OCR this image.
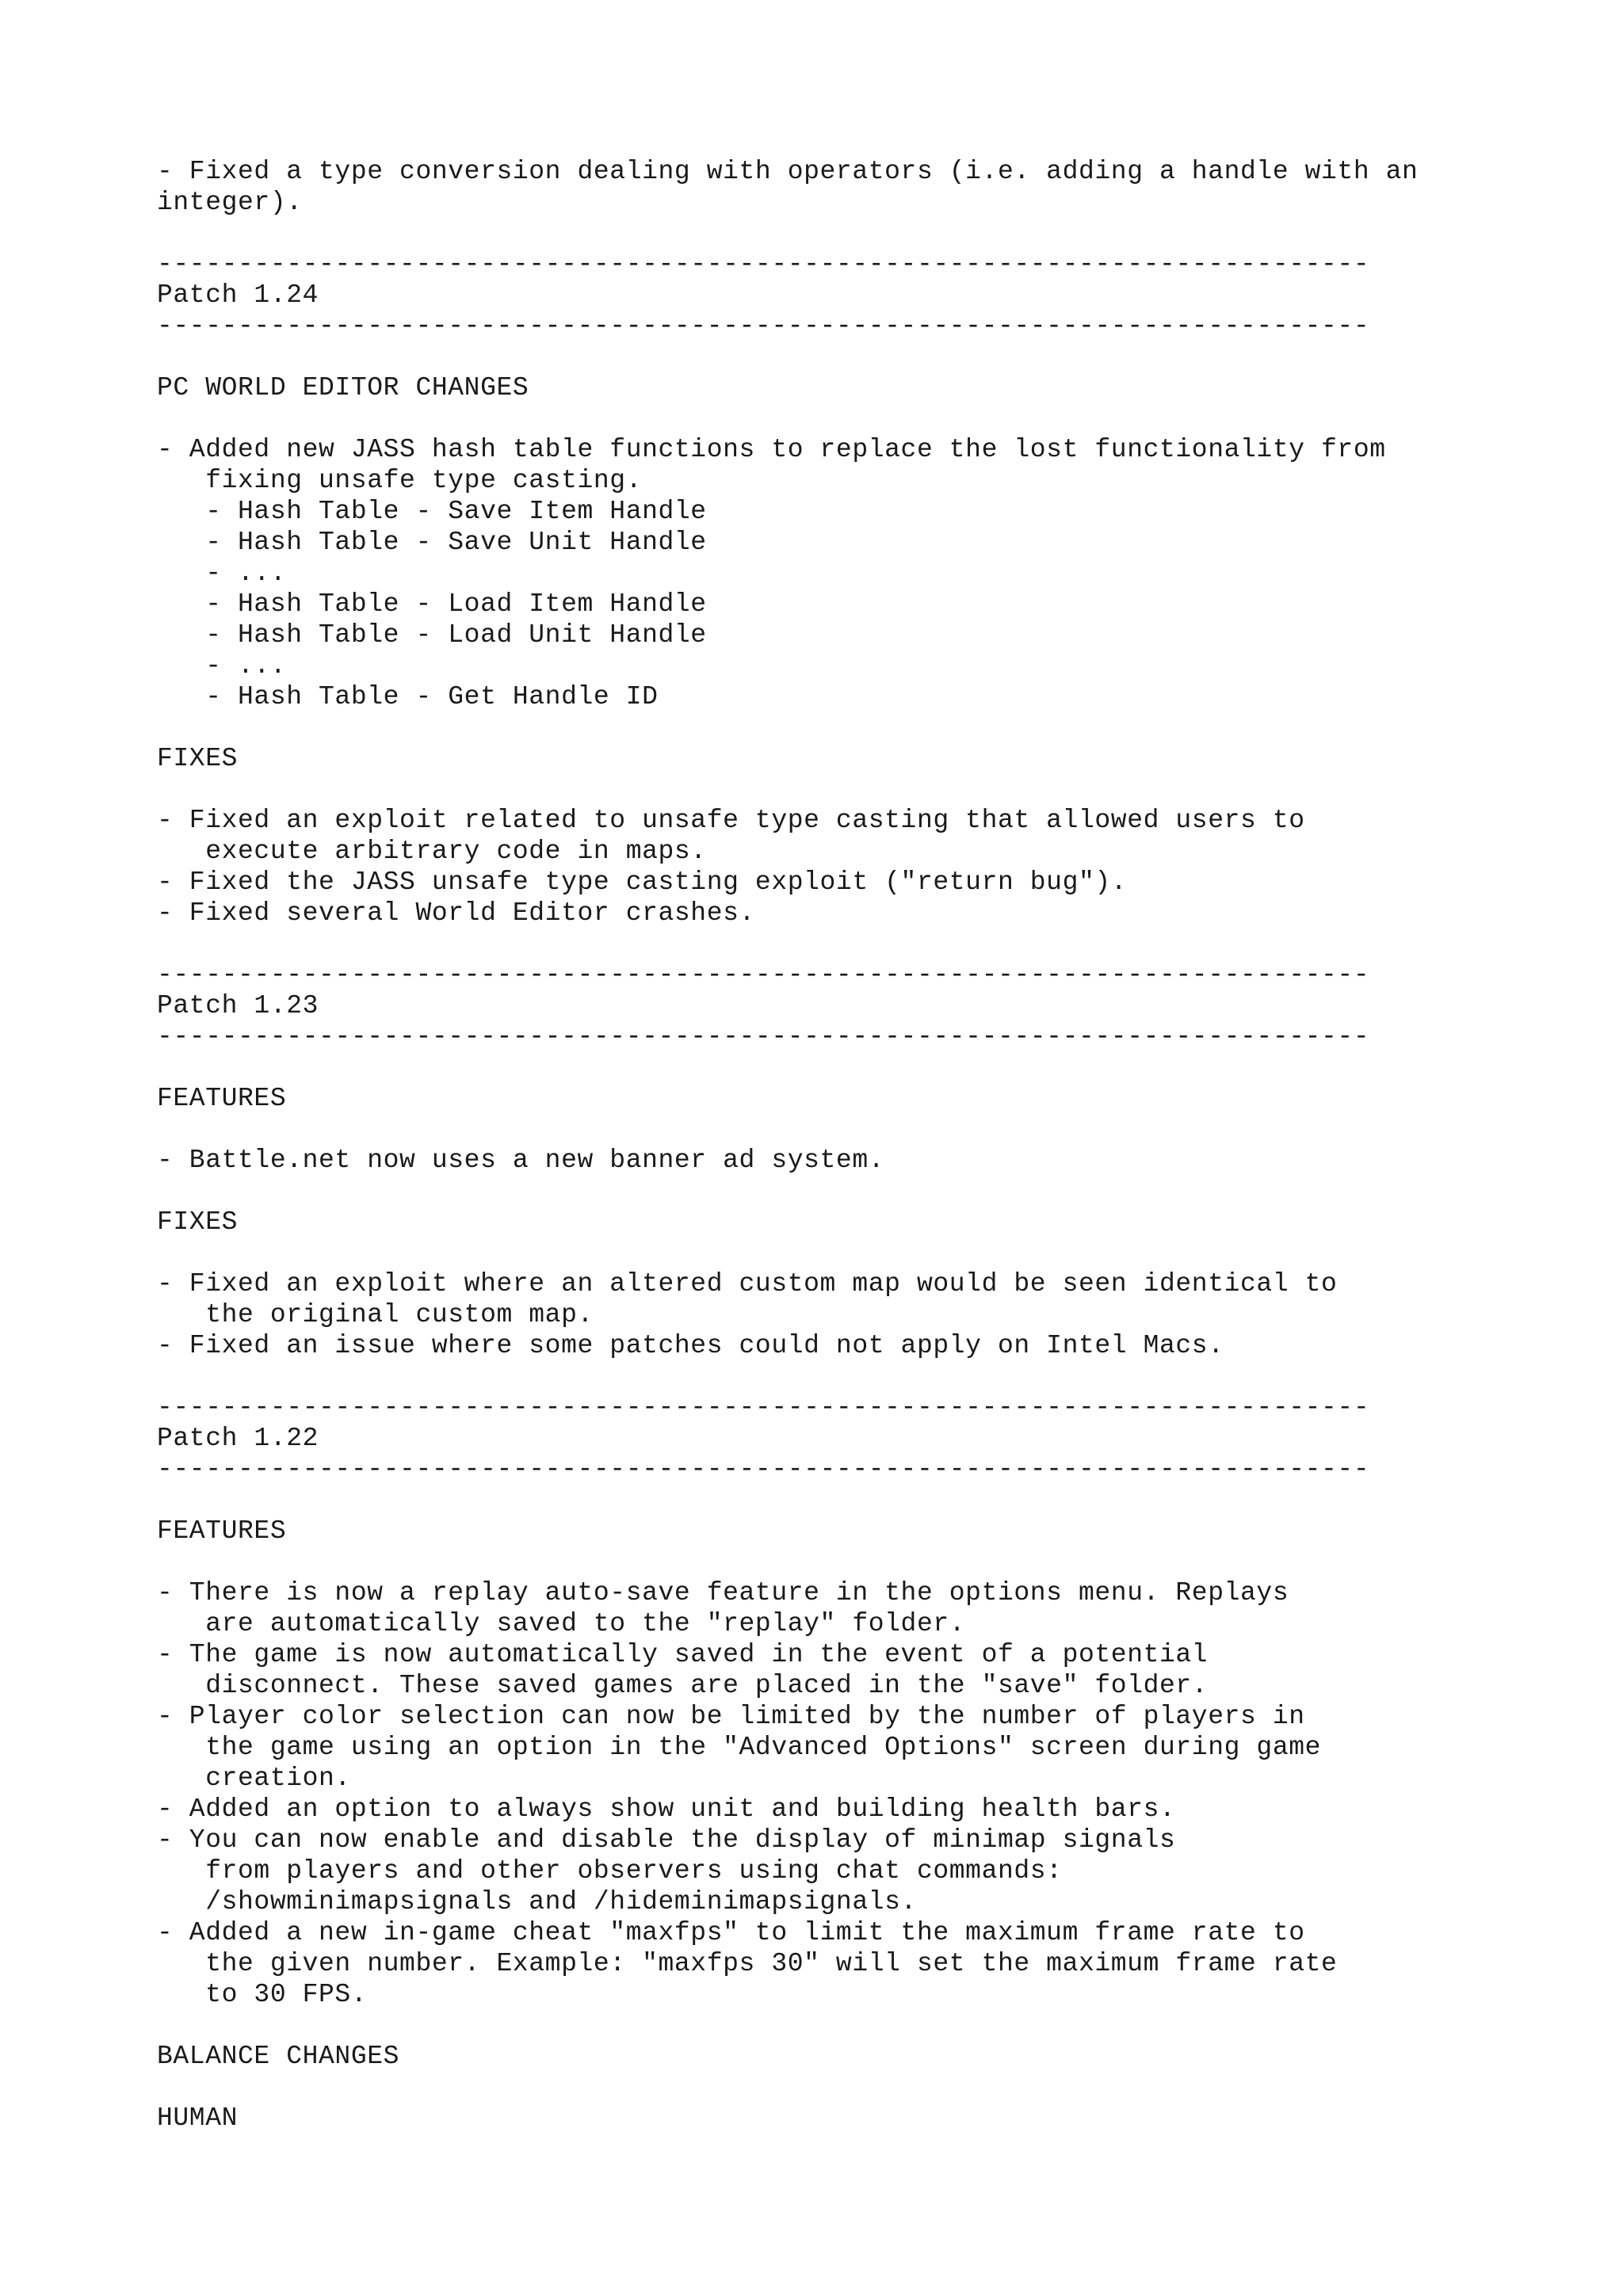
- Fixed a type conversion dealing with operators (i.e. adding a handle with an
integer).
---------------------------------------------------------------------------
Patch 1.24
---------------------------------------------------------------------------
PC WORLD EDITOR CHANGES
- Added new JASS hash table functions to replace the lost functionality from
fixing unsafe type casting.
- Hash Table - Save Item Handle
- Hash Table - Save Unit Handle
- ...
- Hash Table - Load Item Handle
- Hash Table - Load Unit Handle
- ...
- Hash Table - Get Handle ID
FIXES
- Fixed an exploit related to unsafe type casting that allowed users to
execute arbitrary code in maps.
- Fixed the JASS unsafe type casting exploit ("return bug").
- Fixed several World Editor crashes.
---------------------------------------------------------------------------
Patch 1.23
---------------------------------------------------------------------------
FEATURES
- Battle.net now uses a new banner ad system.
FIXES
- Fixed an exploit where an altered custom map would be seen identical to
the original custom map.
- Fixed an issue where some patches could not apply on Intel Macs.
---------------------------------------------------------------------------
Patch 1.22
---------------------------------------------------------------------------
FEATURES
- There is now a replay auto-save feature in the options menu. Replays
are automatically saved to the "replay" folder.
- The game is now automatically saved in the event of a potential
disconnect. These saved games are placed in the "save" folder.
- Player color selection can now be limited by the number of players in
the game using an option in the "Advanced Options" screen during game
creation.
- Added an option to always show unit and building health bars.
- You can now enable and disable the display of minimap signals
from players and other observers using chat commands:
/showminimapsignals and /hideminimapsignals.
- Added a new in-game cheat "maxfps" to limit the maximum frame rate to
the given number. Example: "maxfps 30" will set the maximum frame rate
to 30 FPS.
BALANCE CHANGES
HUMAN
